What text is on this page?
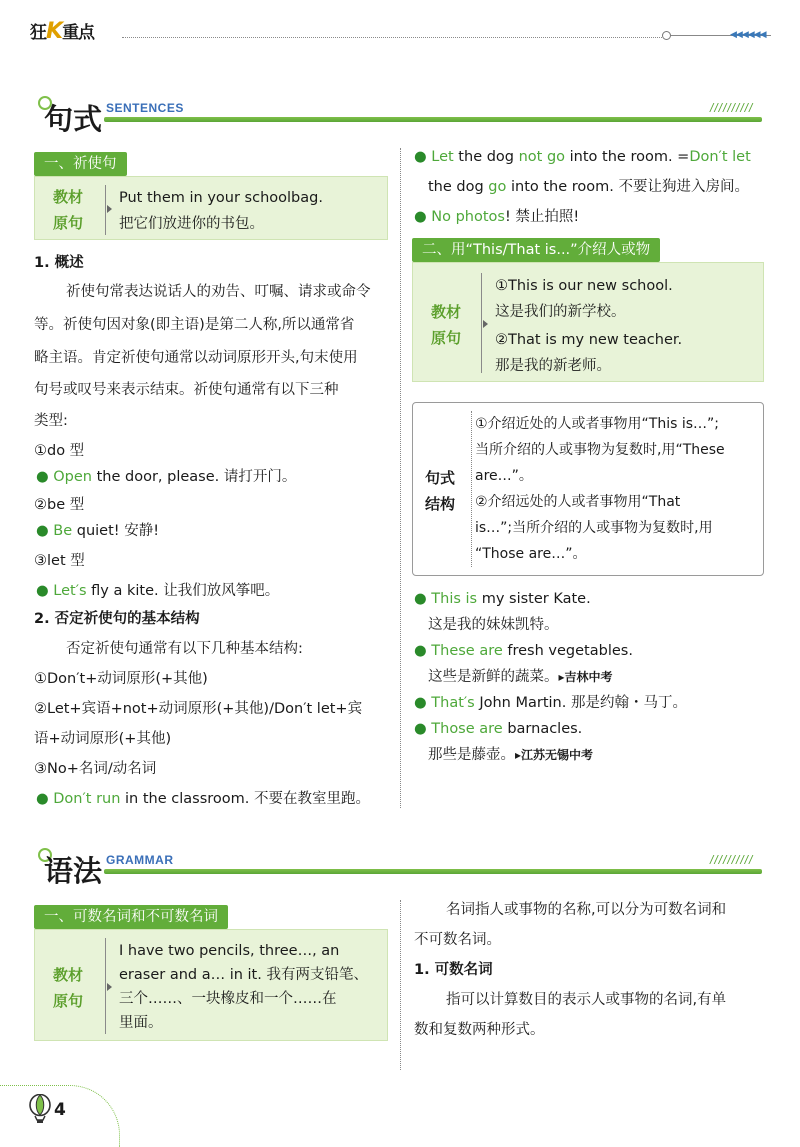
狂K重点	◀◀◀◀◀◀
句式 SENTENCES	//////////
一、祈使句
教材
原句
Put them in your schoolbag.
把它们放进你的书包。
1. 概述
祈使句常表达说话人的劝告、叮嘱、请求或命令
等。祈使句因对象(即主语)是第二人称,所以通常省
略主语。肯定祈使句通常以动词原形开头,句末使用
句号或叹号来表示结束。祈使句通常有以下三种
类型:
①do 型
● Open the door, please. 请打开门。
②be 型
● Be quiet! 安静!
③let 型
● Let′s fly a kite. 让我们放风筝吧。
2. 否定祈使句的基本结构
否定祈使句通常有以下几种基本结构:
①Don′t+动词原形(+其他)
②Let+宾语+not+动词原形(+其他)/Don′t let+宾
语+动词原形(+其他)
③No+名词/动名词
● Don′t run in the classroom. 不要在教室里跑。
● Let the dog not go into the room. =Don′t let
the dog go into the room. 不要让狗进入房间。
● No photos! 禁止拍照!
二、用“This/That is...”介绍人或物
教材
原句
①This is our new school.
这是我们的新学校。
②That is my new teacher.
那是我的新老师。
句式
结构
①介绍近处的人或者事物用“This is…”;
当所介绍的人或事物为复数时,用“These
are…”。
②介绍远处的人或者事物用“That
is…”;当所介绍的人或事物为复数时,用
“Those are…”。
● This is my sister Kate.
这是我的妹妹凯特。
● These are fresh vegetables.
这些是新鲜的蔬菜。▸吉林中考
● That′s John Martin. 那是约翰・马丁。
● Those are barnacles.
那些是藤壶。▸江苏无锡中考
语法 GRAMMAR	//////////
一、可数名词和不可数名词
教材
原句
I have two pencils, three…, an
eraser and a… in it. 我有两支铅笔、
三个……、一块橡皮和一个……在
里面。
名词指人或事物的名称,可以分为可数名词和
不可数名词。
1. 可数名词
指可以计算数目的表示人或事物的名词,有单
数和复数两种形式。
4
